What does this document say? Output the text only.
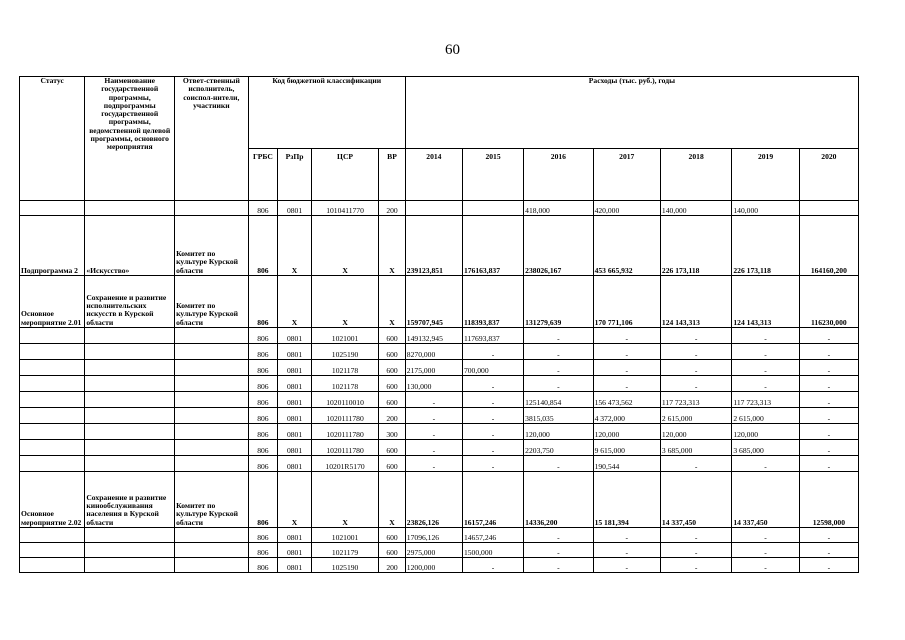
60
Статус	Наименование государственной программы, подпрограммы государственной программы, ведомственной целевой программы, основного мероприятия	Ответ-ственный исполнитель, соиспол-нители, участники	Код бюджетной классификации				Расходы (тыс. руб.), годы						
			ГРБС	РзПр	ЦСР	ВР	2014	2015	2016	2017	2018	2019	2020
			806	0801	1010411770	200			418,000	420,000	140,000	140,000	
Подпрограмма 2	«Искусство»	Комитет по культуре Курской области	806	Х	Х	Х	239123,851	176163,837	238026,167	453 665,932	226 173,118	226 173,118	164160,200
Основное мероприятие 2.01	Сохранение и развитие исполнительских искусств в Курской области	Комитет по культуре Курской области	806	Х	Х	Х	159707,945	118393,837	131279,639	170 771,106	124 143,313	124 143,313	116230,000
			806	0801	1021001	600	149132,945	117693,837	-	-	-	-	-
			806	0801	1025190	600	8270,000	-	-	-	-	-	-
			806	0801	1021178	600	2175,000	700,000	-	-	-	-	-
			806	0801	1021178	600	130,000	-	-	-	-	-	-
			806	0801	1020110010	600	-	-	125140,854	156 473,562	117 723,313	117 723,313	-
			806	0801	1020111780	200	-	-	3815,035	4 372,000	2 615,000	2 615,000	-
			806	0801	1020111780	300	-	-	120,000	120,000	120,000	120,000	-
			806	0801	1020111780	600	-	-	2203,750	9 615,000	3 685,000	3 685,000	-
			806	0801	10201R5170	600	-	-	-	190,544	-	-	-
Основное мероприятие 2.02	Сохранение и развитие кинообслуживания населения в Курской области	Комитет по культуре Курской области	806	Х	Х	Х	23826,126	16157,246	14336,200	15 181,394	14 337,450	14 337,450	12598,000
			806	0801	1021001	600	17096,126	14657,246	-	-	-	-	-
			806	0801	1021179	600	2975,000	1500,000	-	-	-	-	-
			806	0801	1025190	200	1200,000	-	-	-	-	-	-
